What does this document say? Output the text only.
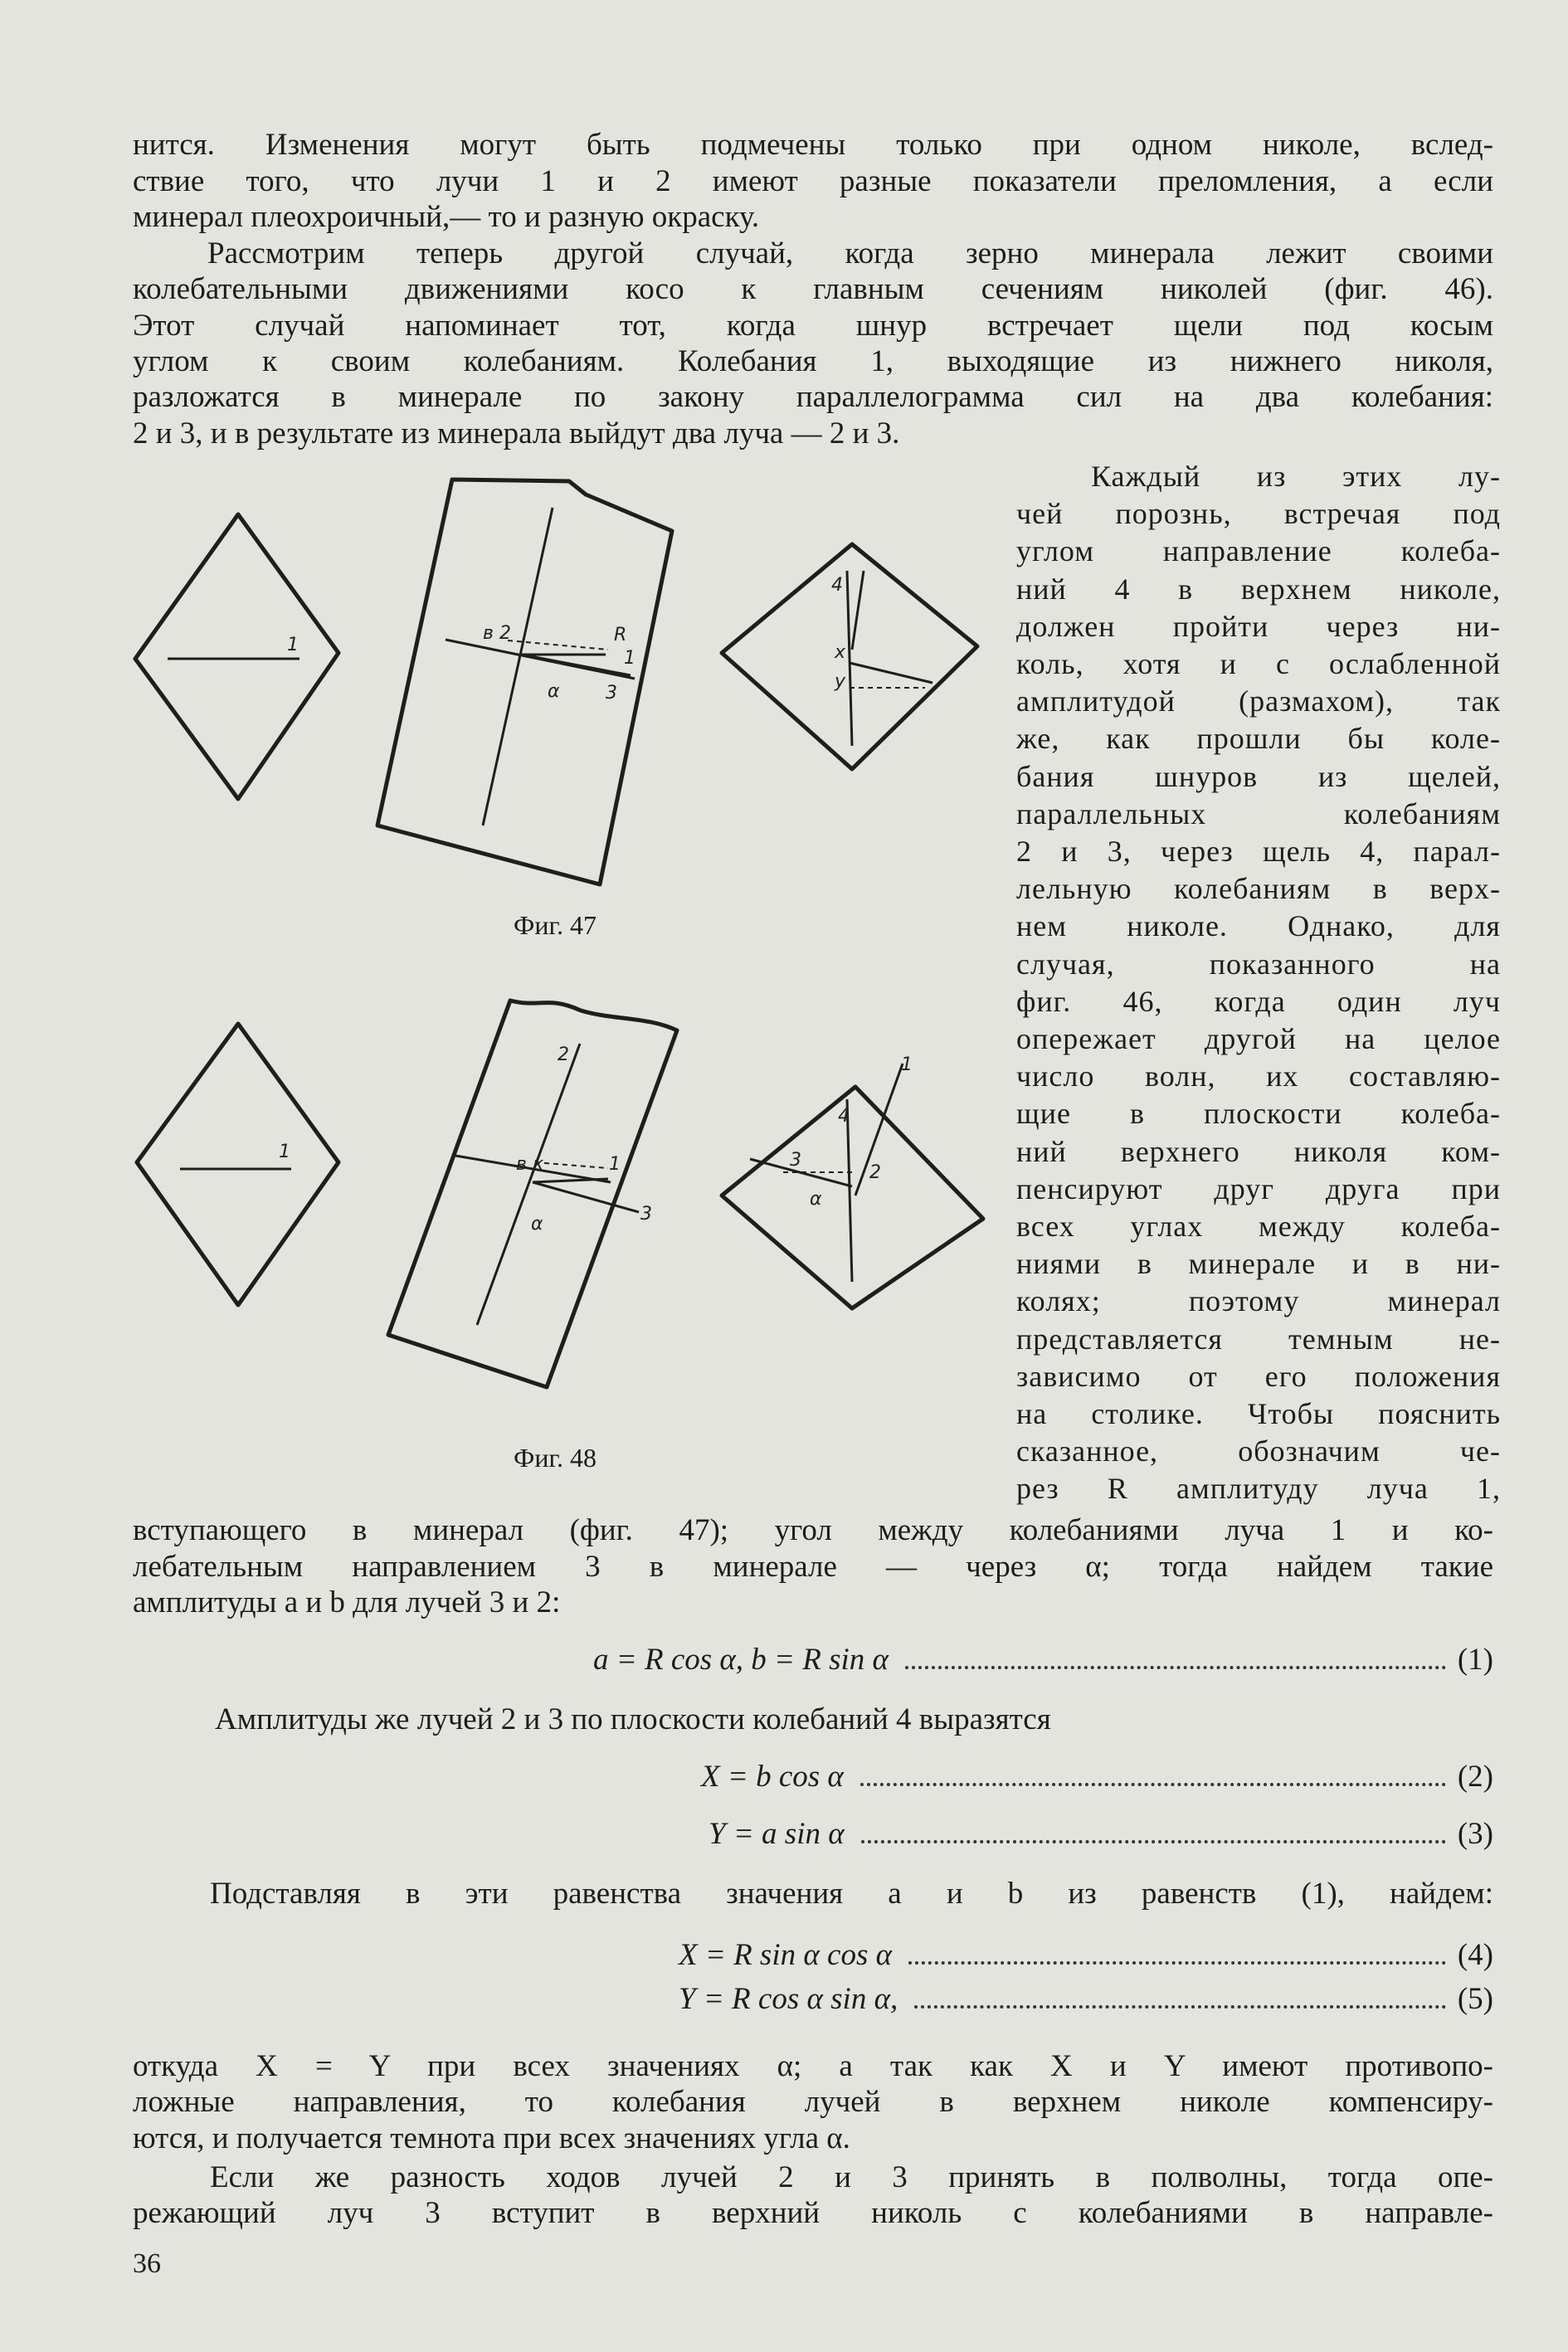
нится. Изменения могут быть подмечены только при одном николе, вслед-
ствие того, что лучи 1 и 2 имеют разные показатели преломления, а если
минерал плеохроичный,— то и разную окраску.
Рассмотрим теперь другой случай, когда зерно минерала лежит своими
колебательными движениями косо к главным сечениям николей (фиг. 46).
Этот случай напоминает тот, когда шнур встречает щели под косым
углом к своим колебаниям. Колебания 1, выходящие из нижнего николя,
разложатся в минерале по закону параллелограмма сил на два колебания:
2 и 3, и в результате из минерала выйдут два луча — 2 и 3.
Каждый из этих лу-
чей порознь, встречая под
углом направление колеба-
ний 4 в верхнем николе,
должен пройти через ни-
коль, хотя и с ослабленной
амплитудой (размахом), так
же, как прошли бы коле-
бания шнуров из щелей,
параллельных колебаниям
2 и 3, через щель 4, парал-
лельную колебаниям в верх-
нем николе. Однако, для
случая, показанного на
фиг. 46, когда один луч
опережает другой на целое
число волн, их составляю-
щие в плоскости колеба-
ний верхнего николя ком-
пенсируют друг друга при
всех углах между колеба-
ниями в минерале и в ни-
колях; поэтому минерал
представляется темным не-
зависимо от его положения
на столике. Чтобы пояснить
сказанное, обозначим че-
рез R амплитуду луча 1,
1
в 2	R
1
α	3
4
x
y
1
2
в к	1
α	3
4
3
2
α
1
Фиг. 47
Фиг. 48
вступающего в минерал (фиг. 47); угол между колебаниями луча 1 и ко-
лебательным направлением 3 в минерале — через α; тогда найдем такие
амплитуды a и b для лучей 3 и 2:
a = R cos α, b = R sin α	(1)
Амплитуды же лучей 2 и 3 по плоскости колебаний 4 выразятся
X = b cos α	(2)
Y = a sin α	(3)
Подставляя в эти равенства значения a и b из равенств (1), найдем:
X = R sin α cos α	(4)
Y = R cos α sin α,	(5)
откуда X = Y при всех значениях α; а так как X и Y имеют противопо-
ложные направления, то колебания лучей в верхнем николе компенсиру-
ются, и получается темнота при всех значениях угла α.
Если же разность ходов лучей 2 и 3 принять в полволны, тогда опе-
режающий луч 3 вступит в верхний николь с колебаниями в направле-
36
